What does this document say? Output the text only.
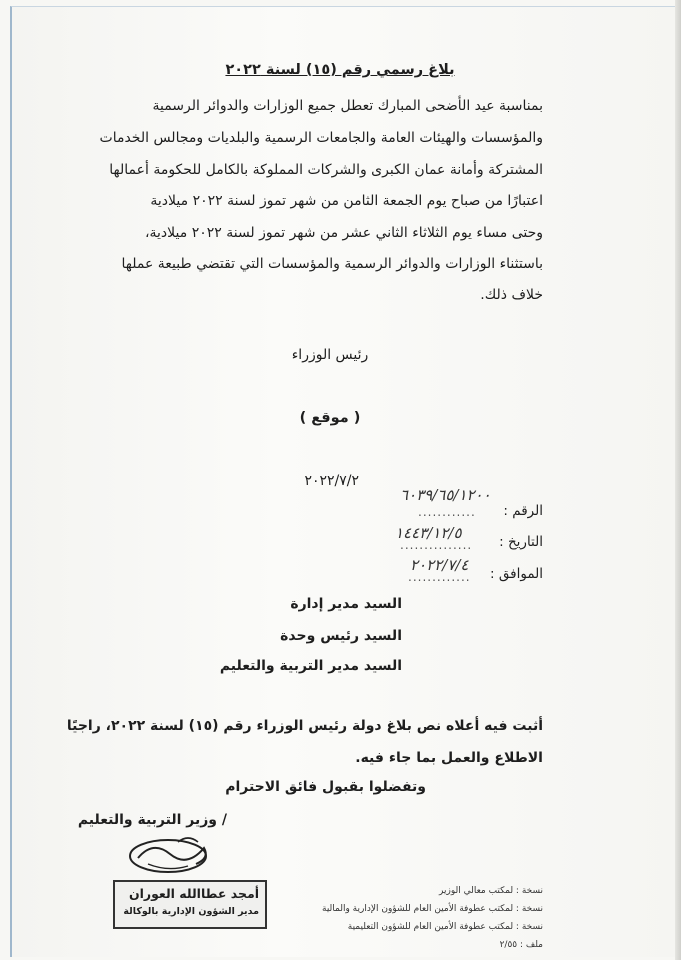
بلاغ رسمي رقم (١٥) لسنة ٢٠٢٢
بمناسبة عيد الأضحى المبارك تعطل جميع الوزارات والدوائر الرسمية
والمؤسسات والهيئات العامة والجامعات الرسمية والبلديات ومجالس الخدمات
المشتركة وأمانة عمان الكبرى والشركات المملوكة بالكامل للحكومة أعمالها
اعتبارًا من صباح يوم الجمعة الثامن من شهر تموز لسنة ٢٠٢٢ ميلادية
وحتى مساء يوم الثلاثاء الثاني عشر من شهر تموز لسنة ٢٠٢٢ ميلادية،
باستثناء الوزارات والدوائر الرسمية والمؤسسات التي تقتضي طبيعة عملها
خلاف ذلك.
رئيس الوزراء
( موقع )
٢٠٢٢/٧/٢
الرقم :
............
٦٠٣٩/٦٥/١٢٠٠
التاريخ :
...............
١٤٤٣/١٢/٥
الموافق :
.............
٢٠٢٢/٧/٤
السيد مدير إدارة
السيد رئيس وحدة
السيد مدير التربية والتعليم
أثبت فيه أعلاه نص بلاغ دولة رئيس الوزراء رقم (١٥) لسنة ٢٠٢٢، راجيًا
الاطلاع والعمل بما جاء فيه.
وتفضلوا بقبول فائق الاحترام
/ وزير التربية والتعليم
أمجد عطاالله العوران
مدير الشؤون الإدارية بالوكالة
نسخة : لمكتب معالي الوزير
نسخة : لمكتب عطوفة الأمين العام للشؤون الإدارية والمالية
نسخة : لمكتب عطوفة الأمين العام للشؤون التعليمية
ملف : ٢/٥٥
